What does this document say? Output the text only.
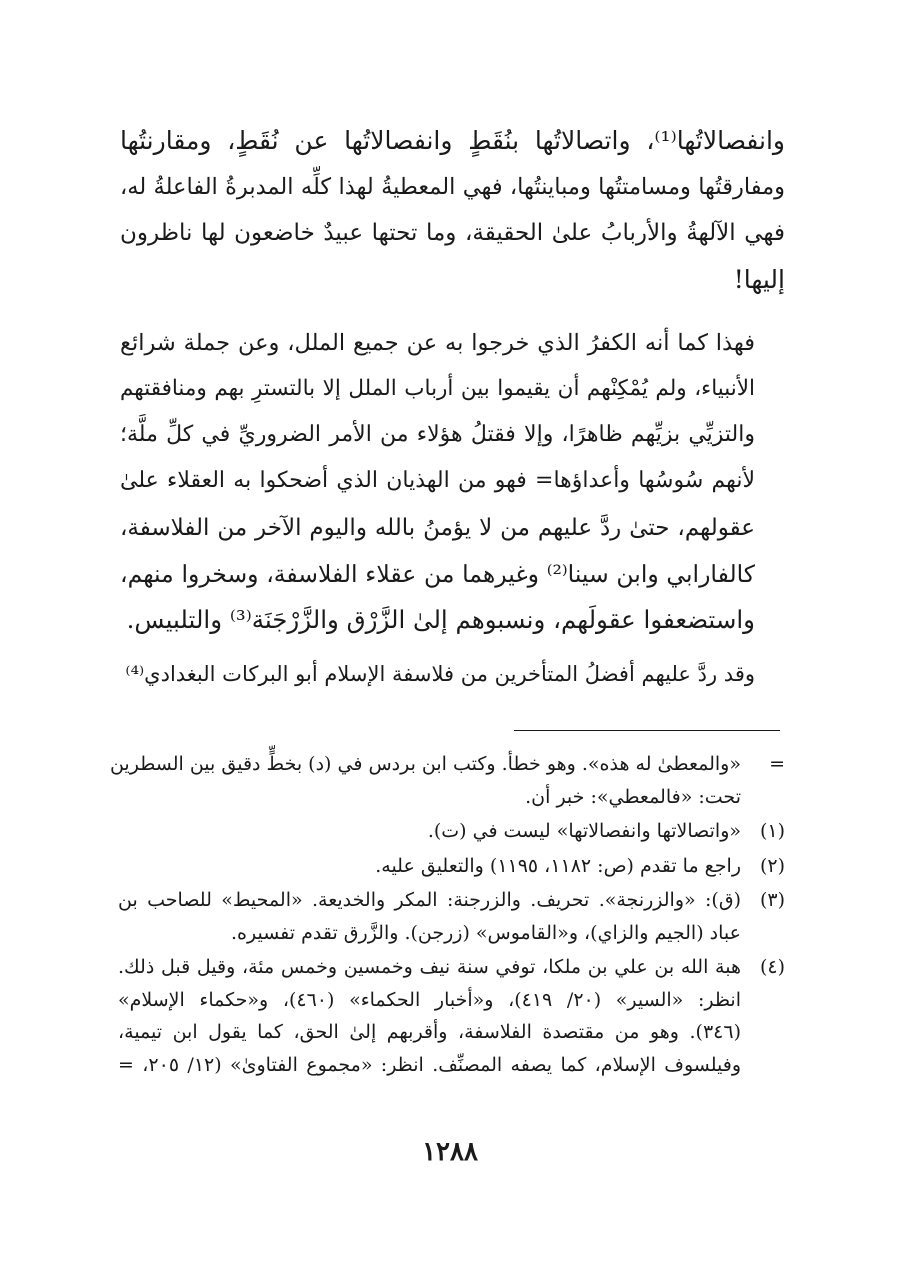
وانفصالاتُها⁽¹⁾، واتصالاتُها بنُقَطٍ وانفصالاتُها عن نُقَطٍ، ومقارنتُها
ومفارقتُها ومسامتتُها ومباينتُها، فهي المعطيةُ لهذا كلِّه المدبرةُ الفاعلةُ له،
فهي الآلهةُ والأربابُ علىٰ الحقيقة، وما تحتها عبيدٌ خاضعون لها ناظرون
إليها!

فهذا كما أنه الكفرُ الذي خرجوا به عن جميع الملل، وعن جملة شرائع
الأنبياء، ولم يُمْكِنْهم أن يقيموا بين أرباب الملل إلا بالتسترِ بهم ومنافقتهم
والتزيِّي بزيِّهم ظاهرًا، وإلا فقتلُ هؤلاء من الأمر الضروريِّ في كلِّ ملَّة؛
لأنهم سُوسُها وأعداؤها= فهو من الهذيان الذي أضحكوا به العقلاء علىٰ
عقولهم، حتىٰ ردَّ عليهم من لا يؤمنُ بالله واليوم الآخر من الفلاسفة،
كالفارابي وابن سينا⁽²⁾ وغيرهما من عقلاء الفلاسفة، وسخروا منهم،
واستضعفوا عقولَهم، ونسبوهم إلىٰ الزَّرْق والزَّرْجَنَة⁽³⁾ والتلبيس.

وقد ردَّ عليهم أفضلُ المتأخرين من فلاسفة الإسلام أبو البركات البغدادي⁽⁴⁾

=
«والمعطىٰ له هذه». وهو خطأ. وكتب ابن بردس في (د) بخطٍّ دقيق بين السطرين
تحت: «فالمعطي»: خبر أن.
(١)
«واتصالاتها وانفصالاتها» ليست في (ت).
(٢)
راجع ما تقدم (ص: ١١٨٢، ١١٩٥) والتعليق عليه.
(٣)
(ق): «والزرنجة». تحريف. والزرجنة: المكر والخديعة. «المحيط» للصاحب بن
عباد (الجيم والزاي)، و«القاموس» (زرجن). والزَّرق تقدم تفسيره.
(٤)
هبة الله بن علي بن ملكا، توفي سنة نيف وخمسين وخمس مئة، وقيل قبل ذلك.
انظر: «السير» (٢٠/ ٤١٩)، و«أخبار الحكماء» (٤٦٠)، و«حكماء الإسلام»
(٣٤٦). وهو من مقتصدة الفلاسفة، وأقربهم إلىٰ الحق، كما يقول ابن تيمية،
وفيلسوف الإسلام، كما يصفه المصنِّف. انظر: «مجموع الفتاوىٰ» (١٢/ ٢٠٥، =
١٢٨٨
